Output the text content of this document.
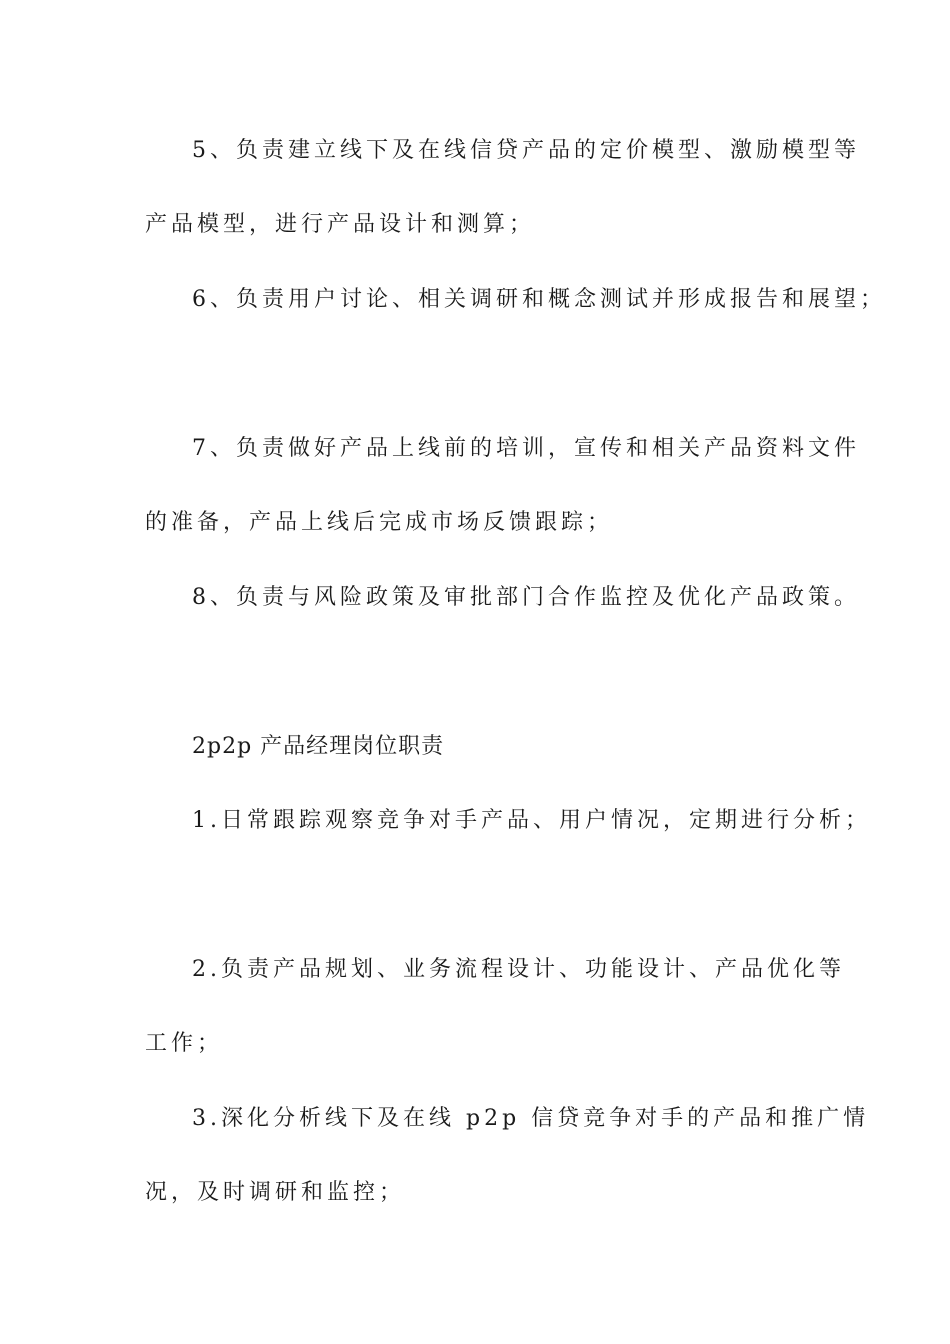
5、负责建立线下及在线信贷产品的定价模型、激励模型等
产品模型，进行产品设计和测算；
6、负责用户讨论、相关调研和概念测试并形成报告和展望；
7、负责做好产品上线前的培训，宣传和相关产品资料文件
的准备，产品上线后完成市场反馈跟踪；
8、负责与风险政策及审批部门合作监控及优化产品政策。
2p2p 产品经理岗位职责
1.日常跟踪观察竞争对手产品、用户情况，定期进行分析；
2.负责产品规划、业务流程设计、功能设计、产品优化等
工作；
3.深化分析线下及在线 p2p 信贷竞争对手的产品和推广情
况，及时调研和监控；
